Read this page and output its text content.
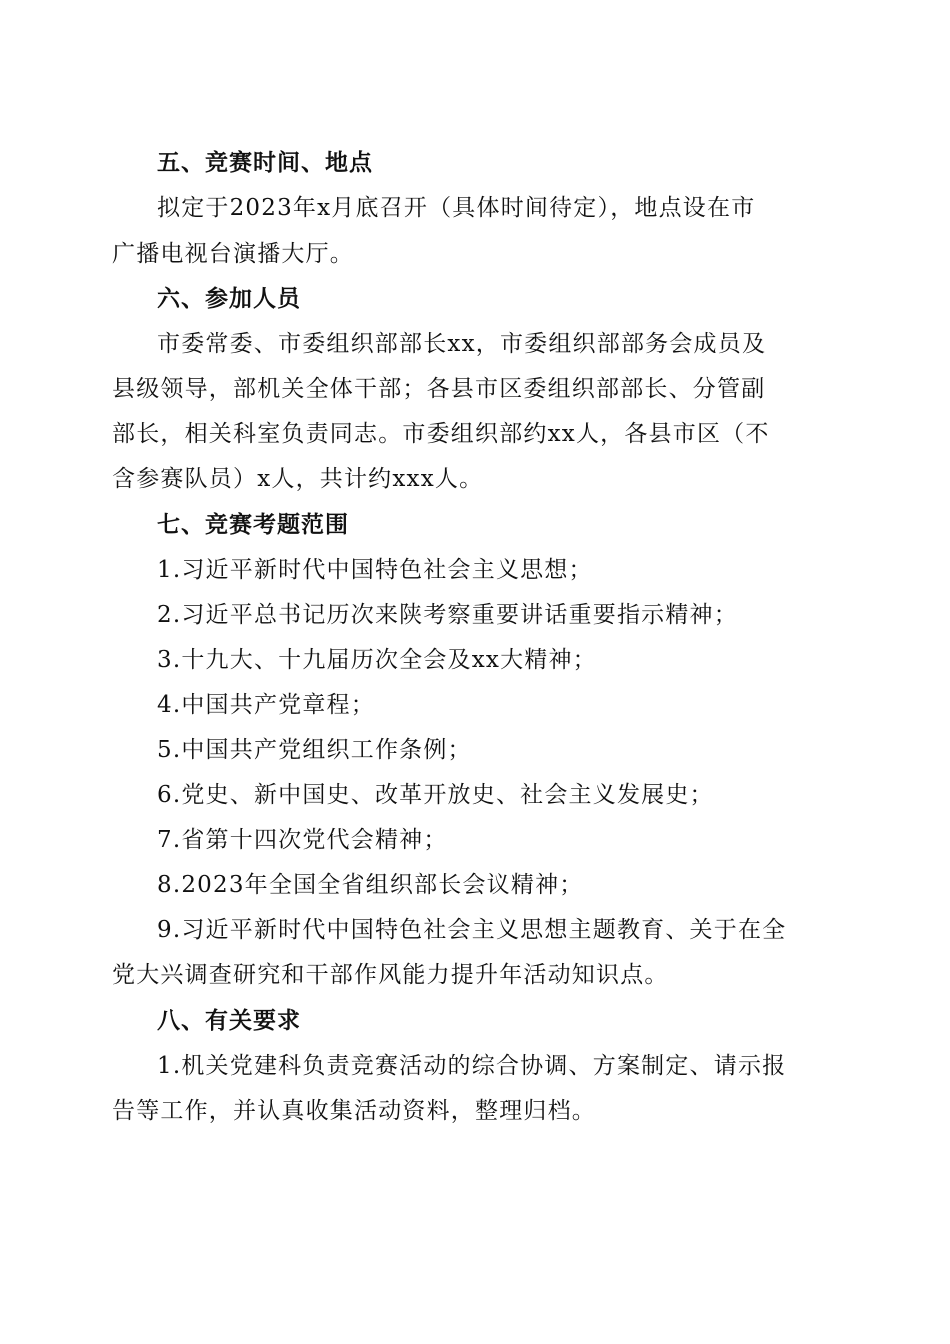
五、竞赛时间、地点
拟定于2023年x月底召开（具体时间待定），地点设在市
广播电视台演播大厅。
六、参加人员
市委常委、市委组织部部长xx，市委组织部部务会成员及
县级领导，部机关全体干部；各县市区委组织部部长、分管副
部长，相关科室负责同志。市委组织部约xx人，各县市区（不
含参赛队员）x人，共计约xxx人。
七、竞赛考题范围
1.习近平新时代中国特色社会主义思想；
2.习近平总书记历次来陕考察重要讲话重要指示精神；
3.十九大、十九届历次全会及xx大精神；
4.中国共产党章程；
5.中国共产党组织工作条例；
6.党史、新中国史、改革开放史、社会主义发展史；
7.省第十四次党代会精神；
8.2023年全国全省组织部长会议精神；
9.习近平新时代中国特色社会主义思想主题教育、关于在全
党大兴调查研究和干部作风能力提升年活动知识点。
八、有关要求
1.机关党建科负责竞赛活动的综合协调、方案制定、请示报
告等工作，并认真收集活动资料，整理归档。
